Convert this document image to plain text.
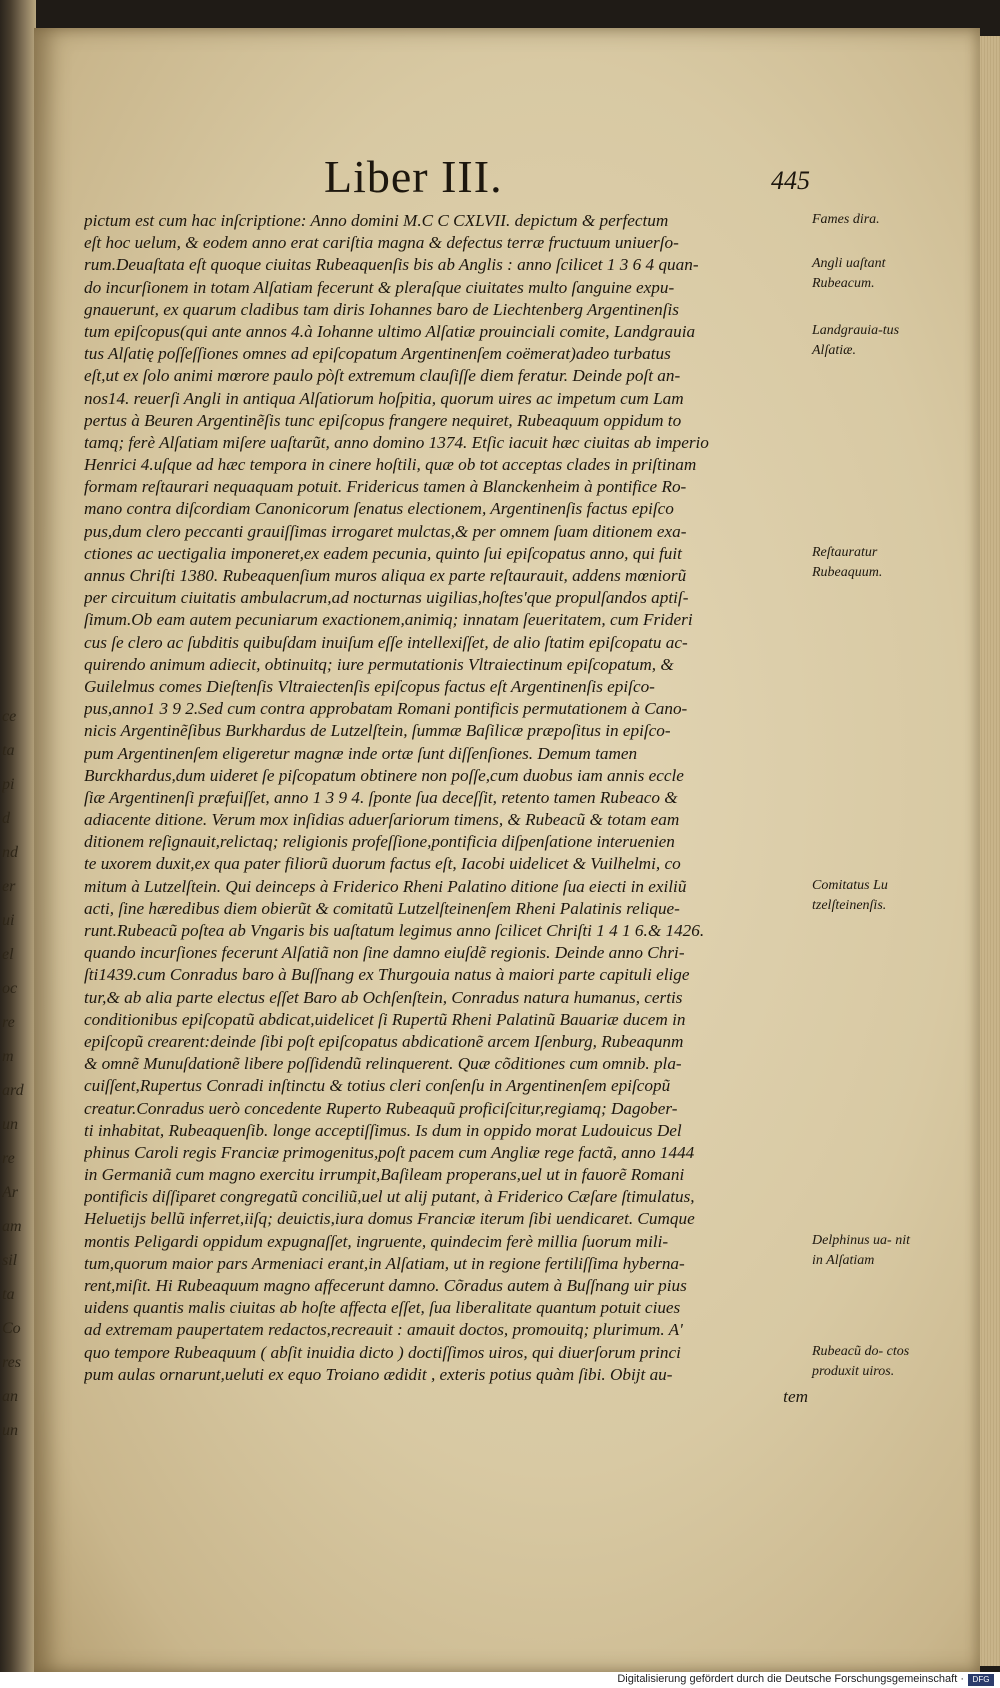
ce
ta
pi
d
nd
er
ui
el
oc
re
m
ard
un
re
Ar
am
sil
ta
Co
res
an
un
Liber III.	445
pictum est cum hac inſcriptione: Anno domini M.C C CXLVII. depictum & perfectum
eſt hoc uelum, & eodem anno erat cariſtia magna & defectus terræ fructuum uniuerſo-
rum.Deuaſtata eſt quoque ciuitas Rubeaquenſis bis ab Anglis : anno ſcilicet 1 3 6 4 quan-
do incurſionem in totam Alſatiam fecerunt & pleraſque ciuitates multo ſanguine expu-
gnauerunt, ex quarum cladibus tam diris Iohannes baro de Liechtenberg Argentinenſis
tum epiſcopus(qui ante annos 4.à Iohanne ultimo Alſatiæ prouinciali comite, Landgrauia
tus Alſatię poſſeſſiones omnes ad epiſcopatum Argentinenſem coëmerat)adeo turbatus
eſt,ut ex ſolo animi mœrore paulo pòſt extremum clauſiſſe diem feratur. Deinde poſt an-
nos14. reuerſi Angli in antiqua Alſatiorum hoſpitia, quorum uires ac impetum cum Lam
pertus à Beuren Argentinẽſis tunc epiſcopus frangere nequiret, Rubeaquum oppidum to
tamq; ferè Alſatiam miſere uaſtarũt, anno domino 1374. Etſic iacuit hæc ciuitas ab imperio
Henrici 4.uſque ad hæc tempora in cinere hoſtili, quæ ob tot acceptas clades in priſtinam
formam reſtaurari nequaquam potuit. Fridericus tamen à Blanckenheim à pontifice Ro-
mano contra diſcordiam Canonicorum ſenatus electionem, Argentinenſis factus epiſco
pus,dum clero peccanti grauiſſimas irrogaret mulctas,& per omnem ſuam ditionem exa-
ctiones ac uectigalia imponeret,ex eadem pecunia, quinto ſui epiſcopatus anno, qui fuit
annus Chriſti 1380. Rubeaquenſium muros aliqua ex parte reſtaurauit, addens mœniorũ
per circuitum ciuitatis ambulacrum,ad nocturnas uigilias,hoſtes'que propulſandos aptiſ-
ſimum.Ob eam autem pecuniarum exactionem,animiq; innatam ſeueritatem, cum Frideri
cus ſe clero ac ſubditis quibuſdam inuiſum eſſe intellexiſſet, de alio ſtatim epiſcopatu ac-
quirendo animum adiecit, obtinuitq; iure permutationis Vltraiectinum epiſcopatum, &
Guilelmus comes Dieſtenſis Vltraiectenſis epiſcopus factus eſt Argentinenſis epiſco-
pus,anno1 3 9 2.Sed cum contra approbatam Romani pontificis permutationem à Cano-
nicis Argentinẽſibus Burkhardus de Lutzelſtein, ſummæ Baſilicæ præpoſitus in epiſco-
pum Argentinenſem eligeretur magnæ inde ortæ ſunt diſſenſiones. Demum tamen
Burckhardus,dum uideret ſe piſcopatum obtinere non poſſe,cum duobus iam annis eccle
ſiæ Argentinenſi præfuiſſet, anno 1 3 9 4. ſponte ſua deceſſit, retento tamen Rubeaco &
adiacente ditione. Verum mox inſidias aduerſariorum timens, & Rubeacũ & totam eam
ditionem reſignauit,relictaq; religionis profeſſione,pontificia diſpenſatione interuenien
te uxorem duxit,ex qua pater filiorũ duorum factus eſt, Iacobi uidelicet & Vuilhelmi, co
mitum à Lutzelſtein. Qui deinceps à Friderico Rheni Palatino ditione ſua eiecti in exiliũ
acti, ſine hæredibus diem obierũt & comitatũ Lutzelſteinenſem Rheni Palatinis relique-
runt.Rubeacũ poſtea ab Vngaris bis uaſtatum legimus anno ſcilicet Chriſti 1 4 1 6.& 1426.
quando incurſiones fecerunt Alſatiã non ſine damno eiuſdẽ regionis. Deinde anno Chri-
ſti1439.cum Conradus baro à Buſſnang ex Thurgouia natus à maiori parte capituli elige
tur,& ab alia parte electus eſſet Baro ab Ochſenſtein, Conradus natura humanus, certis
conditionibus epiſcopatũ abdicat,uidelicet ſi Rupertũ Rheni Palatinũ Bauariæ ducem in
epiſcopũ crearent:deinde ſibi poſt epiſcopatus abdicationẽ arcem Iſenburg, Rubeaqunm
& omnẽ Munuſdationẽ libere poſſidendũ relinquerent. Quæ cõditiones cum omnib. pla-
cuiſſent,Rupertus Conradi inſtinctu & totius cleri conſenſu in Argentinenſem epiſcopũ
creatur.Conradus uerò concedente Ruperto Rubeaquũ proficiſcitur,regiamq; Dagober-
ti inhabitat, Rubeaquenſib. longe acceptiſſimus. Is dum in oppido morat Ludouicus Del
phinus Caroli regis Franciæ primogenitus,poſt pacem cum Angliæ rege factã, anno 1444
in Germaniã cum magno exercitu irrumpit,Baſileam properans,uel ut in fauorẽ Romani
pontificis diſſiparet congregatũ conciliũ,uel ut alij putant, à Friderico Cæſare ſtimulatus,
Heluetijs bellũ inferret,iiſq; deuictis,iura domus Franciæ iterum ſibi uendicaret. Cumque
montis Peligardi oppidum expugnaſſet, ingruente, quindecim ferè millia ſuorum mili-
tum,quorum maior pars Armeniaci erant,in Alſatiam, ut in regione fertiliſſima hyberna-
rent,miſit. Hi Rubeaquum magno affecerunt damno. Cõradus autem à Buſſnang uir pius
uidens quantis malis ciuitas ab hoſte affecta eſſet, ſua liberalitate quantum potuit ciues
ad extremam paupertatem redactos,recreauit : amauit doctos, promouitq; plurimum. A'
quo tempore Rubeaquum ( abſit inuidia dicto ) doctiſſimos uiros, qui diuerſorum princi
pum aulas ornarunt,ueluti ex equo Troiano ædidit , exteris potius quàm ſibi. Obijt au-
tem
Fames dira.
Angli uaſtant Rubeacum.
Landgrauia-tus Alſatiæ.
Reſtauratur Rubeaquum.
Comitatus Lu tzelſteinenſis.
Delphinus ua- nit in Alſatiam
Rubeacũ do- ctos produxit uiros.
Digitalisierung gefördert durch die Deutsche Forschungsgemeinschaft ·	DFG
